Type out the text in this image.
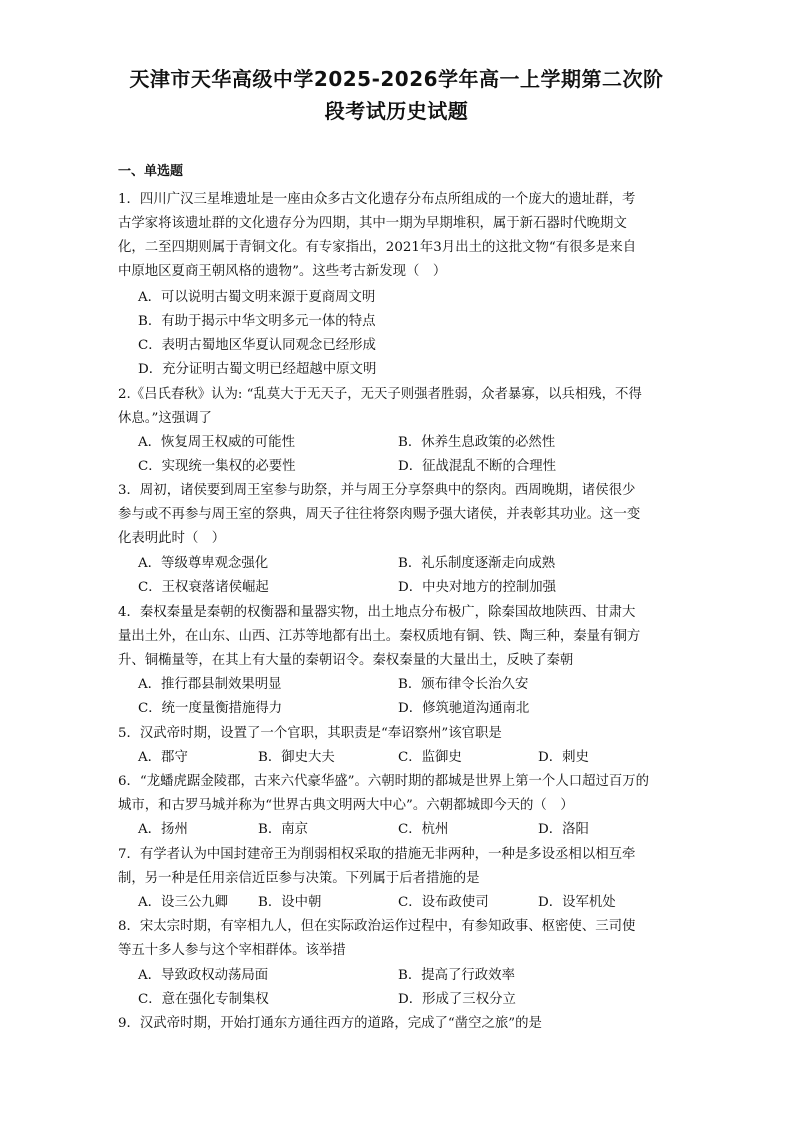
天津市天华高级中学2025-2026学年高一上学期第二次阶
段考试历史试题
一、单选题
1．四川广汉三星堆遗址是一座由众多古文化遗存分布点所组成的一个庞大的遗址群，考
古学家将该遗址群的文化遗存分为四期，其中一期为早期堆积，属于新石器时代晚期文
化，二至四期则属于青铜文化。有专家指出，2021年3月出土的这批文物“有很多是来自
中原地区夏商王朝风格的遗物”。这些考古新发现（　）
A．可以说明古蜀文明来源于夏商周文明
B．有助于揭示中华文明多元一体的特点
C．表明古蜀地区华夏认同观念已经形成
D．充分证明古蜀文明已经超越中原文明
2.《吕氏春秋》认为: “乱莫大于无天子，无天子则强者胜弱，众者暴寡，以兵相残，不得
休息。”这强调了
A．恢复周王权威的可能性	B．休养生息政策的必然性
C．实现统一集权的必要性	D．征战混乱不断的合理性
3．周初，诸侯要到周王室参与助祭，并与周王分享祭典中的祭肉。西周晚期，诸侯很少
参与或不再参与周王室的祭典，周天子往往将祭肉赐予强大诸侯，并表彰其功业。这一变
化表明此时（　）
A．等级尊卑观念强化	B．礼乐制度逐渐走向成熟
C．王权衰落诸侯崛起	D．中央对地方的控制加强
4．秦权秦量是秦朝的权衡器和量器实物，出土地点分布极广，除秦国故地陕西、甘肃大
量出土外，在山东、山西、江苏等地都有出土。秦权质地有铜、铁、陶三种，秦量有铜方
升、铜椭量等，在其上有大量的秦朝诏令。秦权秦量的大量出土，反映了秦朝
A．推行郡县制效果明显	B．颁布律令长治久安
C．统一度量衡措施得力	D．修筑驰道沟通南北
5．汉武帝时期，设置了一个官职，其职责是“奉诏察州”该官职是
A．郡守	B．御史大夫	C．监御史	D．刺史
6．“龙蟠虎踞金陵郡，古来六代豪华盛”。六朝时期的都城是世界上第一个人口超过百万的
城市，和古罗马城并称为“世界古典文明两大中心”。六朝都城即今天的（　）
A．扬州	B．南京	C．杭州	D．洛阳
7．有学者认为中国封建帝王为削弱相权采取的措施无非两种，一种是多设丞相以相互牵
制，另一种是任用亲信近臣参与决策。下列属于后者措施的是
A．设三公九卿 B．设中朝	C．设布政使司	D．设军机处
8．宋太宗时期，有宰相九人，但在实际政治运作过程中，有参知政事、枢密使、三司使
等五十多人参与这个宰相群体。该举措
A．导致政权动荡局面	B．提高了行政效率
C．意在强化专制集权	D．形成了三权分立
9．汉武帝时期，开始打通东方通往西方的道路，完成了“凿空之旅”的是
